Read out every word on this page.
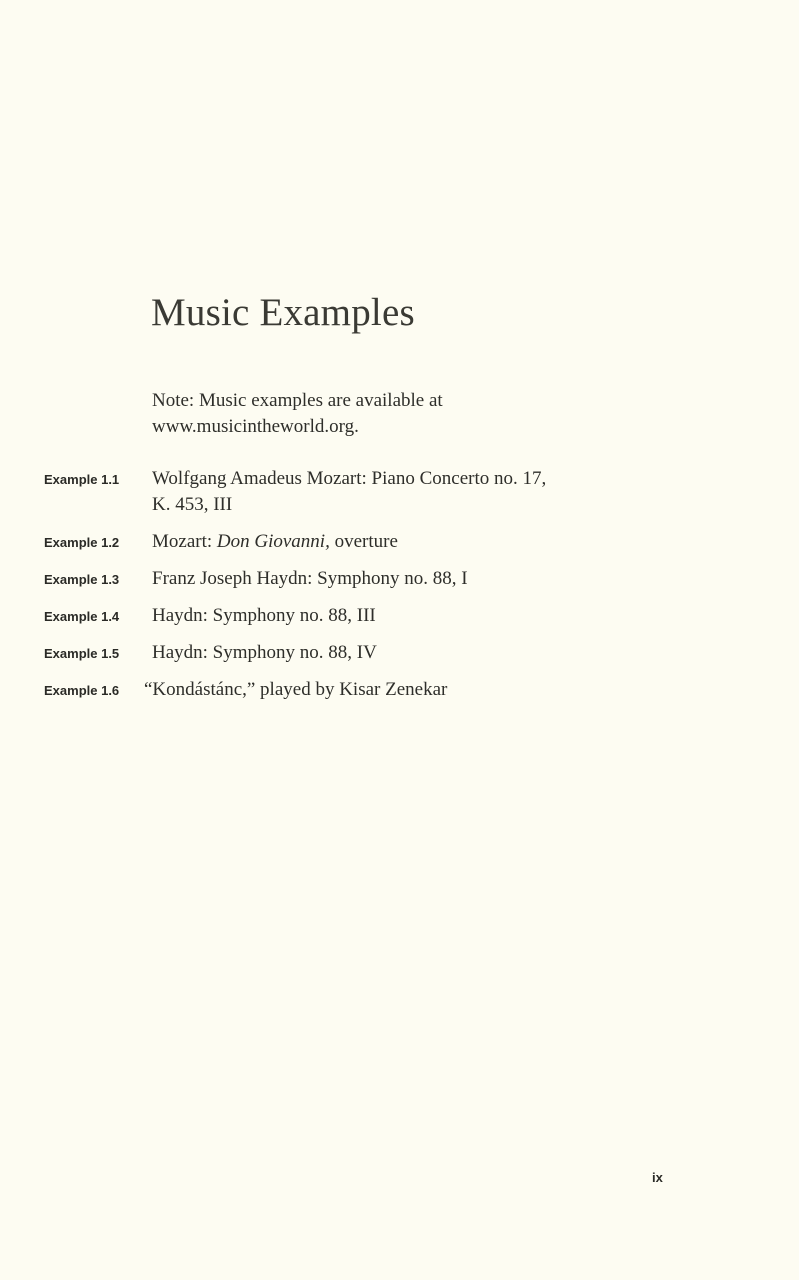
Music Examples
Note: Music examples are available at
www.musicintheworld.org.
Example 1.1 Wolfgang Amadeus Mozart: Piano Concerto no. 17,
K. 453, III
Example 1.2 Mozart: Don Giovanni, overture
Example 1.3 Franz Joseph Haydn: Symphony no. 88, I
Example 1.4 Haydn: Symphony no. 88, III
Example 1.5 Haydn: Symphony no. 88, IV
Example 1.6 “Kondástánc,” played by Kisar Zenekar
ix
